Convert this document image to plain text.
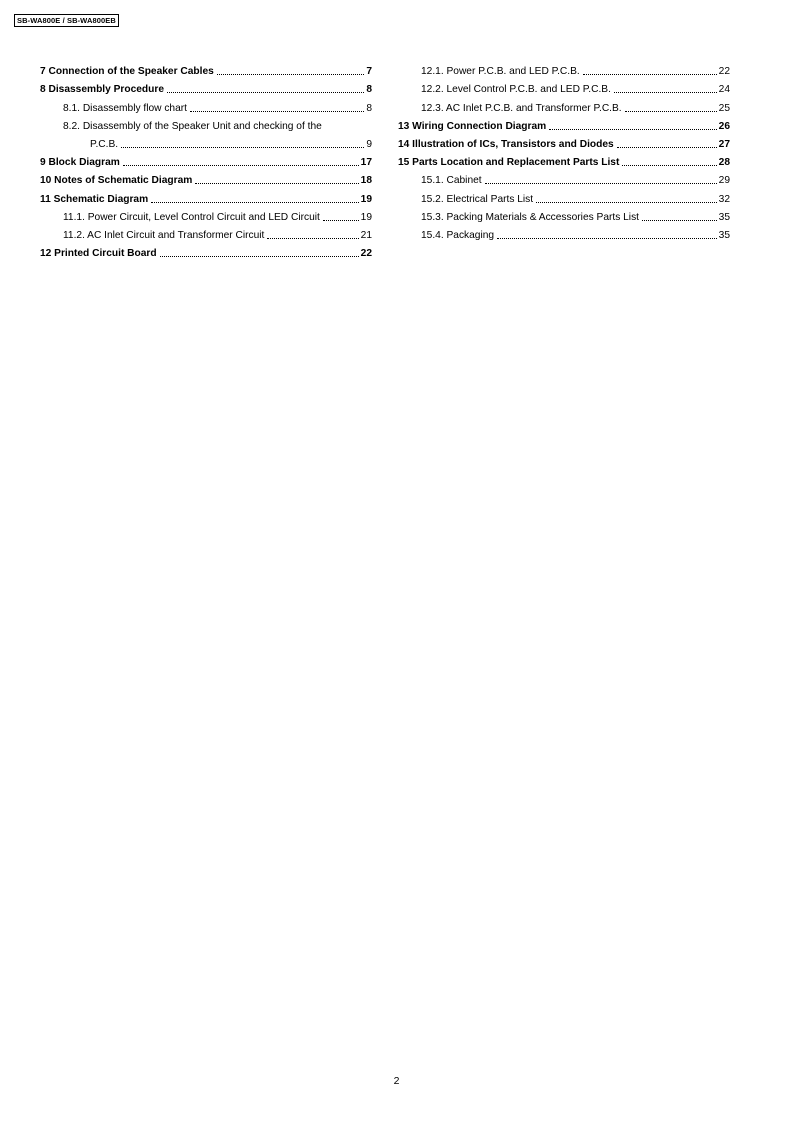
SB-WA800E / SB-WA800EB
7 Connection of the Speaker Cables	7
8 Disassembly Procedure	8
8.1. Disassembly flow chart	8
8.2. Disassembly of the Speaker Unit and checking of the
P.C.B.	9
9 Block Diagram	17
10 Notes of Schematic Diagram	18
11 Schematic Diagram	19
11.1. Power Circuit, Level Control Circuit and LED Circuit	19
11.2. AC Inlet Circuit and Transformer Circuit	21
12 Printed Circuit Board	22
12.1. Power P.C.B. and LED P.C.B.	22
12.2. Level Control P.C.B. and LED P.C.B.	24
12.3. AC Inlet P.C.B. and Transformer P.C.B.	25
13 Wiring Connection Diagram	26
14 Illustration of ICs, Transistors and Diodes	27
15 Parts Location and Replacement Parts List	28
15.1. Cabinet	29
15.2. Electrical Parts List	32
15.3. Packing Materials & Accessories Parts List	35
15.4. Packaging	35
2
